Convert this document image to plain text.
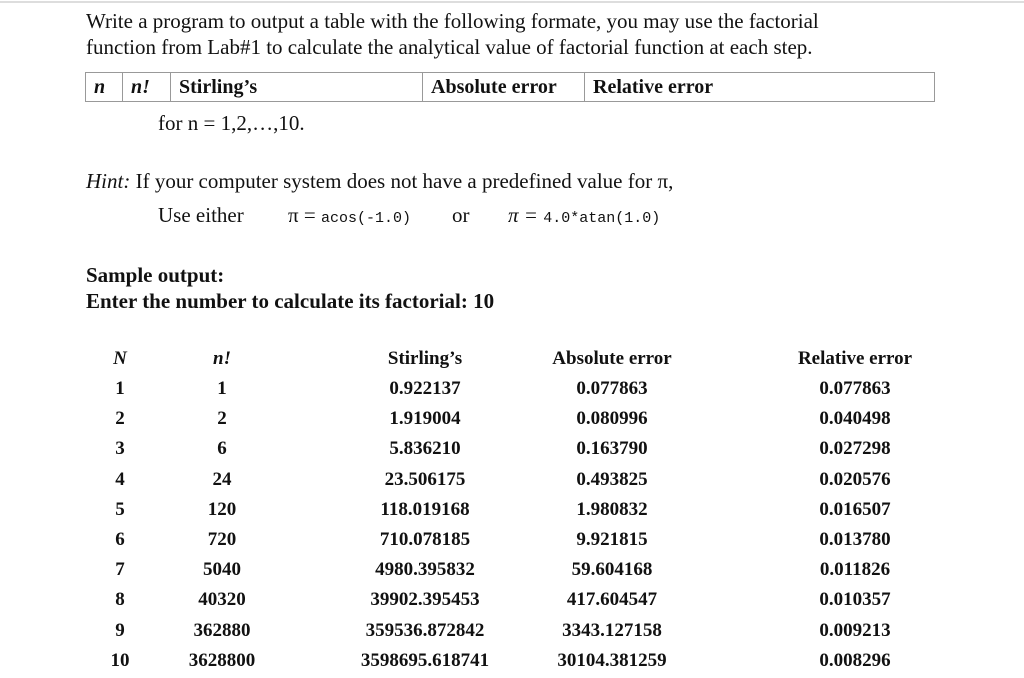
Write a program to output a table with the following formate, you may use the factorial
function from Lab#1 to calculate the analytical value of factorial function at each step.
n	n!	Stirling’s	Absolute error	Relative error
for n = 1,2,…,10.
Hint: If your computer system does not have a predefined value for π,
Use either π = acos(-1.0) or π = 4.0*atan(1.0)
Sample output:
Enter the number to calculate its factorial: 10
N	n!	Stirling’s	Absolute error	Relative error
1	1	0.922137	0.077863	0.077863
2	2	1.919004	0.080996	0.040498
3	6	5.836210	0.163790	0.027298
4	24	23.506175	0.493825	0.020576
5	120	118.019168	1.980832	0.016507
6	720	710.078185	9.921815	0.013780
7	5040	4980.395832	59.604168	0.011826
8	40320	39902.395453	417.604547	0.010357
9	362880	359536.872842	3343.127158	0.009213
10	3628800	3598695.618741	30104.381259	0.008296
